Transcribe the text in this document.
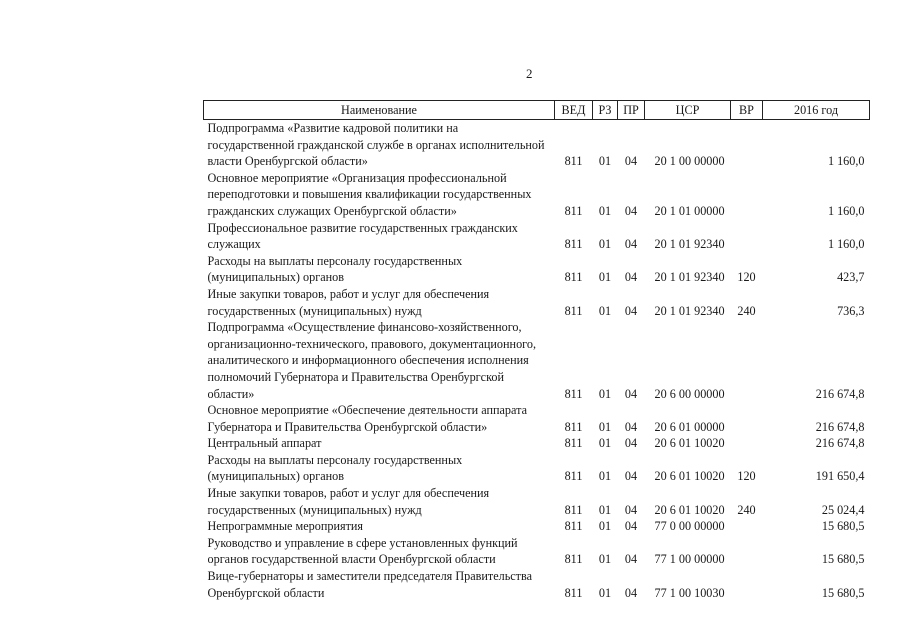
2
Наименование	ВЕД	РЗ	ПР	ЦСР	ВР	2016 год
Подпрограмма «Развитие кадровой политики на государственной гражданской службе в органах исполнительной власти Оренбургской области»	811	01	04	20 1 00 00000		1 160,0
Основное мероприятие «Организация профессиональной переподготовки и повышения квалификации государственных гражданских служащих Оренбургской области»	811	01	04	20 1 01 00000		1 160,0
Профессиональное развитие государственных гражданских служащих	811	01	04	20 1 01 92340		1 160,0
Расходы на выплаты персоналу государственных (муниципальных) органов	811	01	04	20 1 01 92340	120	423,7
Иные закупки товаров, работ и услуг для обеспечения государственных (муниципальных) нужд	811	01	04	20 1 01 92340	240	736,3
Подпрограмма «Осуществление финансово-хозяйственного, организационно-технического, правового, документационного, аналитического и информационного обеспечения исполнения полномочий Губернатора и Правительства Оренбургской области»	811	01	04	20 6 00 00000		216 674,8
Основное мероприятие «Обеспечение деятельности аппарата Губернатора и Правительства Оренбургской области»	811	01	04	20 6 01 00000		216 674,8
Центральный аппарат	811	01	04	20 6 01 10020		216 674,8
Расходы на выплаты персоналу государственных (муниципальных) органов	811	01	04	20 6 01 10020	120	191 650,4
Иные закупки товаров, работ и услуг для обеспечения государственных (муниципальных) нужд	811	01	04	20 6 01 10020	240	25 024,4
Непрограммные мероприятия	811	01	04	77 0 00 00000		15 680,5
Руководство и управление в сфере установленных функций органов государственной власти Оренбургской области	811	01	04	77 1 00 00000		15 680,5
Вице-губернаторы и заместители председателя Правительства Оренбургской области	811	01	04	77 1 00 10030		15 680,5
